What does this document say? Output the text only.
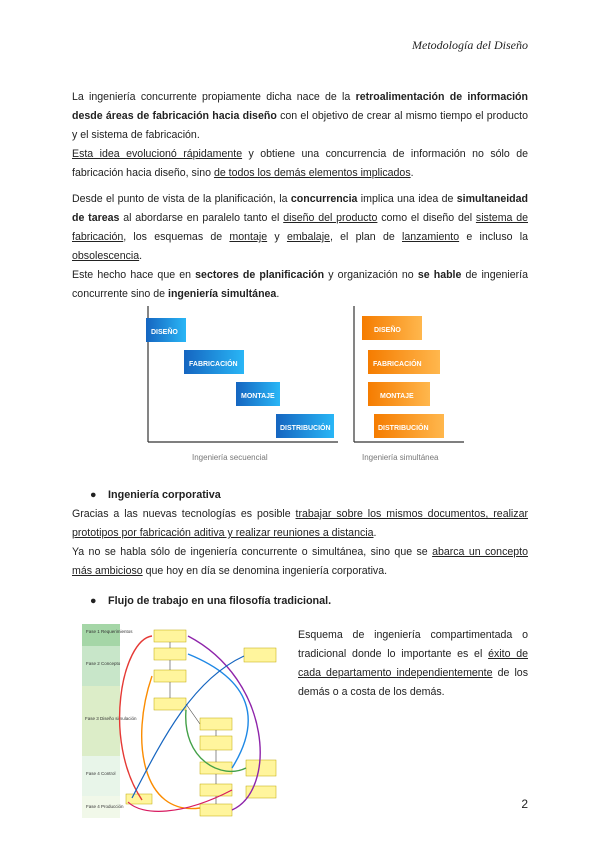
Metodología del Diseño
La ingeniería concurrente propiamente dicha nace de la retroalimentación de información desde áreas de fabricación hacia diseño con el objetivo de crear al mismo tiempo el producto y el sistema de fabricación.
Esta idea evolucionó rápidamente y obtiene una concurrencia de información no sólo de fabricación hacia diseño, sino de todos los demás elementos implicados.
Desde el punto de vista de la planificación, la concurrencia implica una idea de simultaneidad de tareas al abordarse en paralelo tanto el diseño del producto como el diseño del sistema de fabricación, los esquemas de montaje y embalaje, el plan de lanzamiento e incluso la obsolescencia.
Este hecho hace que en sectores de planificación y organización no se hable de ingeniería concurrente sino de ingeniería simultánea.
DISEÑO
FABRICACIÓN
MONTAJE
DISTRIBUCIÓN
Ingeniería secuencial
DISEÑO
FABRICACIÓN
MONTAJE
DISTRIBUCIÓN
Ingeniería simultánea
● Ingeniería corporativa
Gracias a las nuevas tecnologías es posible trabajar sobre los mismos documentos, realizar prototipos por fabricación aditiva y realizar reuniones a distancia.
Ya no se habla sólo de ingeniería concurrente o simultánea, sino que se abarca un concepto más ambicioso que hoy en día se denomina ingeniería corporativa.
● Flujo de trabajo en una filosofía tradicional.
Fase 1 Requerimientos
Fase 2 Concepto
Fase 3 Diseño simulación
Fase 4 Control
Fase 4 Producción
Esquema de ingeniería compartimentada o tradicional donde lo importante es el éxito de cada departamento independientemente de los demás o a costa de los demás.
2
